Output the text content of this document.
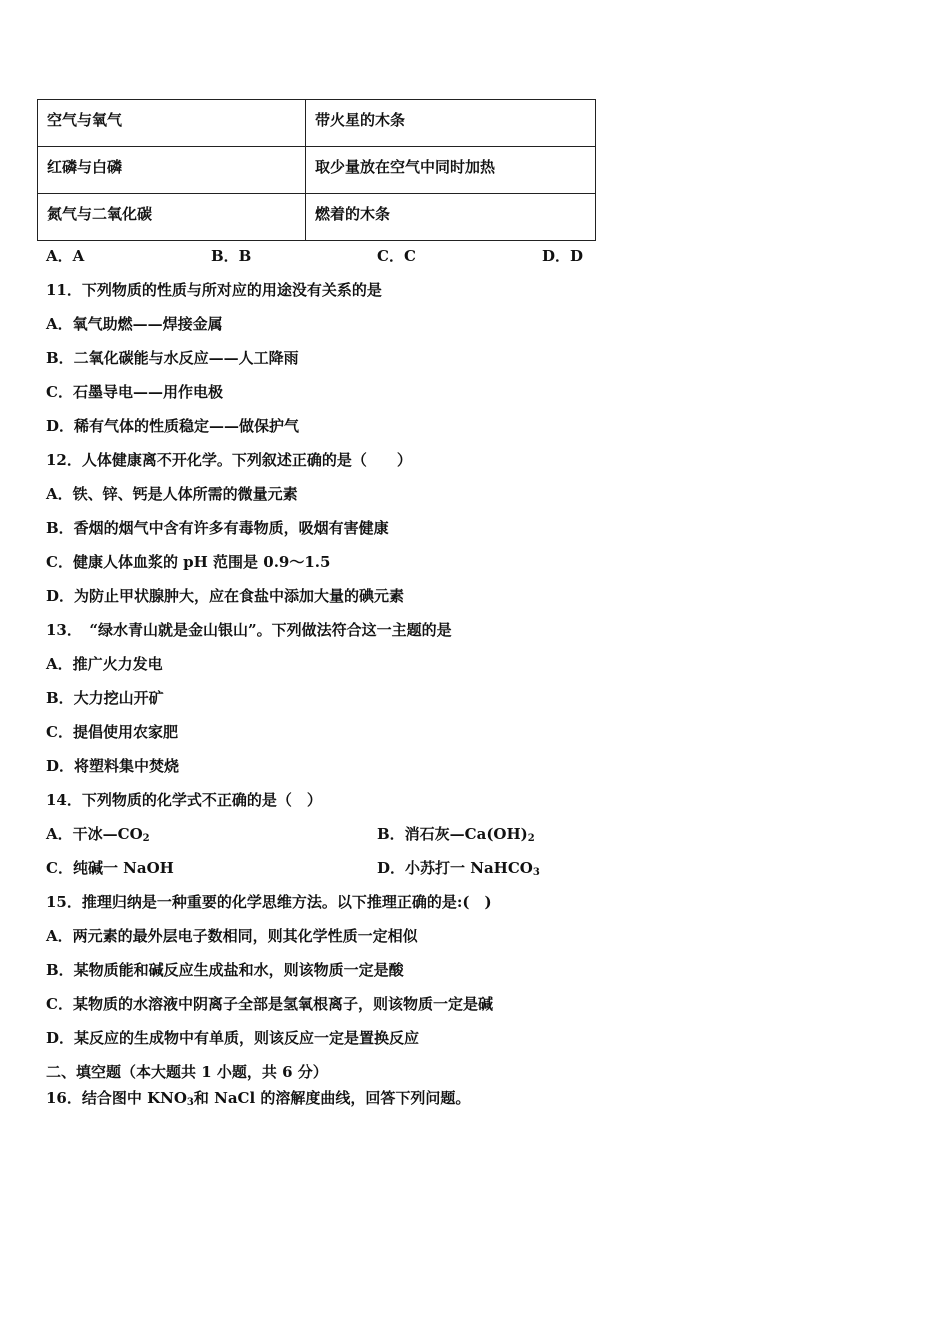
空气与氧气	带火星的木条
红磷与白磷	取少量放在空气中同时加热
氮气与二氧化碳	燃着的木条
A．A	B．B	C．C	D．D
11．下列物质的性质与所对应的用途没有关系的是
A．氧气助燃——焊接金属
B．二氧化碳能与水反应——人工降雨
C．石墨导电——用作电极
D．稀有气体的性质稳定——做保护气
12．人体健康离不开化学。下列叙述正确的是（　　）
A．铁、锌、钙是人体所需的微量元素
B．香烟的烟气中含有许多有毒物质，吸烟有害健康
C．健康人体血浆的 pH 范围是 0.9～1.5
D．为防止甲状腺肿大，应在食盐中添加大量的碘元素
13．　“绿水青山就是金山银山”。下列做法符合这一主题的是
A．推广火力发电
B．大力挖山开矿
C．提倡使用农家肥
D．将塑料集中焚烧
14．下列物质的化学式不正确的是（　）
A．干冰$—CO_2$	B．消石灰$—Ca(OH)_2$
C．纯碱一 NaOH	D．小苏打一 NaHCO$_3$
15．推理归纳是一种重要的化学思维方法。以下推理正确的是:(　)
A．两元素的最外层电子数相同，则其化学性质一定相似
B．某物质能和碱反应生成盐和水，则该物质一定是酸
C．某物质的水溶液中阴离子全部是氢氧根离子，则该物质一定是碱
D．某反应的生成物中有单质，则该反应一定是置换反应
二、填空题（本大题共 1 小题，共 6 分）
16．结合图中 $KNO_3$和 NaCl 的溶解度曲线，回答下列问题。
